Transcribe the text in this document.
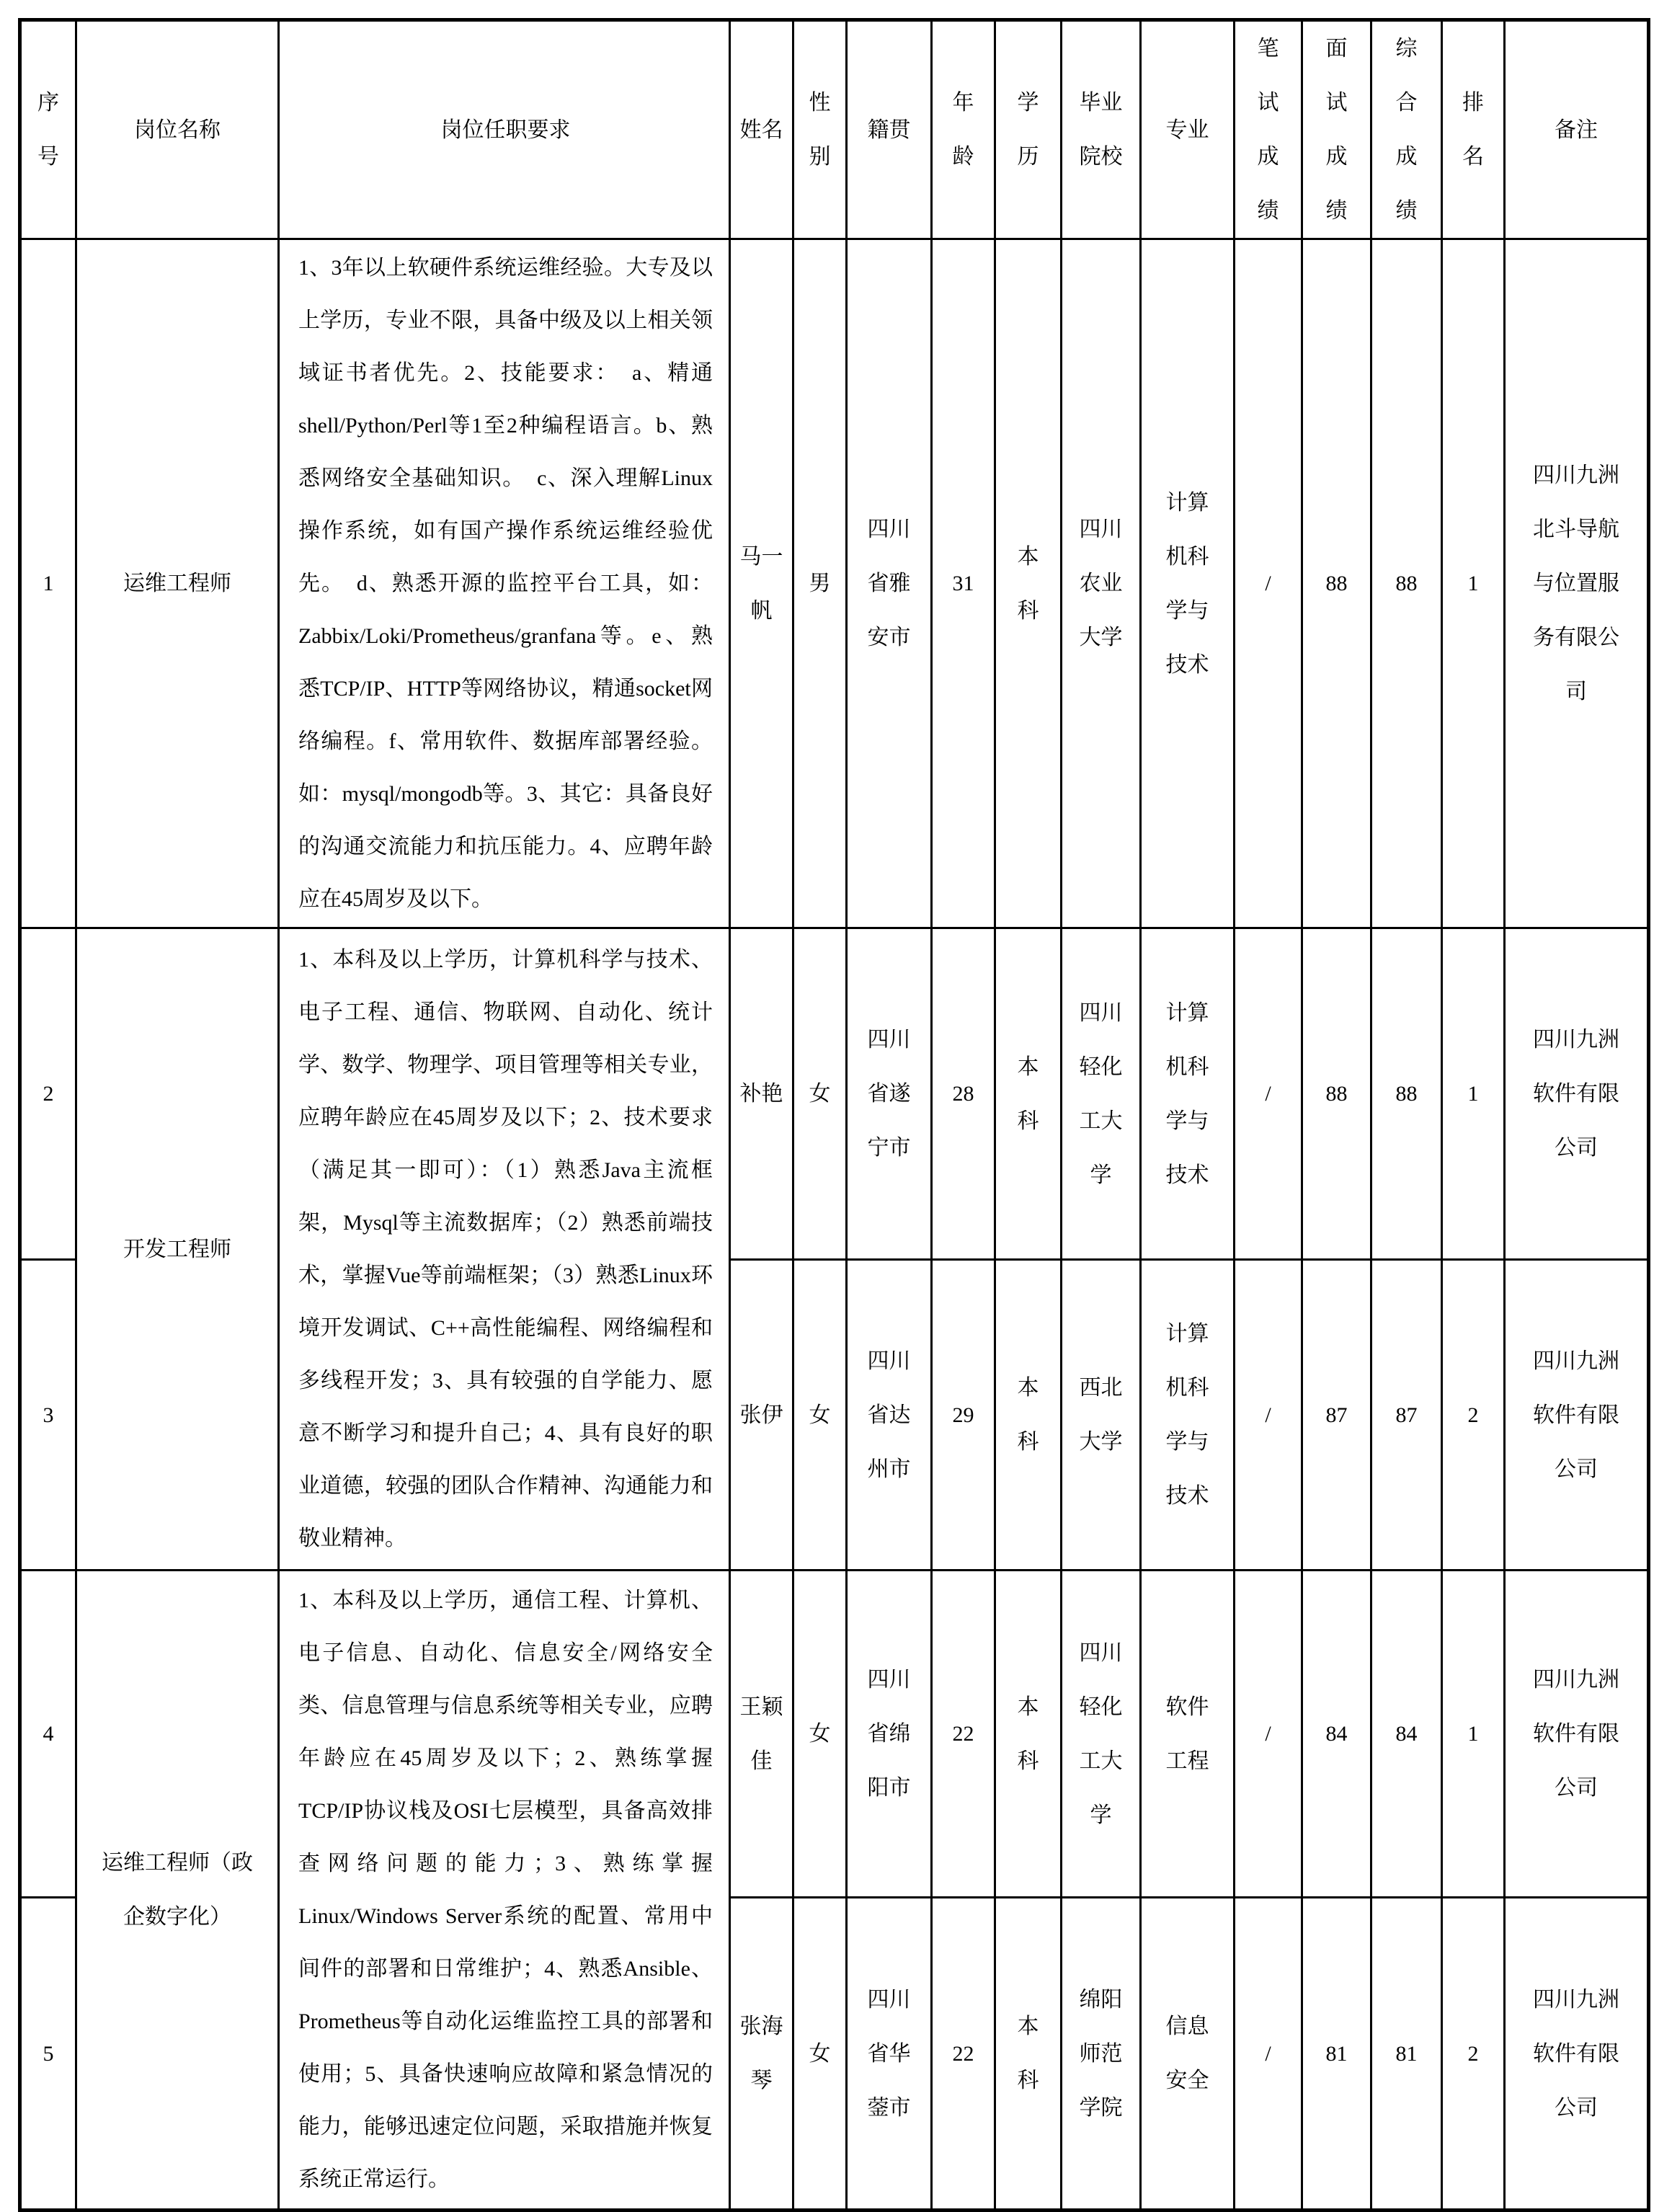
序号	岗位名称	岗位任职要求	姓名	性别	籍贯	年龄	学历	毕业院校	专业	笔试成绩	面试成绩	综合成绩	排名	备注
1	运维工程师	1、3年以上软硬件系统运维经验。大专及以上学历，专业不限，具备中级及以上相关领域证书者优先。2、技能要求：　a、精通shell/Python/Perl等1至2种编程语言。b、熟悉网络安全基础知识。　c、深入理解Linux操作系统，如有国产操作系统运维经验优先。　d、熟悉开源的监控平台工具，如：Zabbix/Loki/Prometheus/granfana等。e、熟悉TCP/IP、HTTP等网络协议，精通socket网络编程。f、常用软件、数据库部署经验。如：mysql/mongodb等。3、其它：具备良好的沟通交流能力和抗压能力。4、应聘年龄应在45周岁及以下。	马一帆	男	四川省雅安市	31	本科	四川农业大学	计算机科学与技术	/	88	88	1	四川九洲北斗导航与位置服务有限公司
2	开发工程师	1、本科及以上学历，计算机科学与技术、电子工程、通信、物联网、自动化、统计学、数学、物理学、项目管理等相关专业，应聘年龄应在45周岁及以下；2、技术要求（满足其一即可）：（1）熟悉Java主流框架，Mysql等主流数据库；（2）熟悉前端技术，掌握Vue等前端框架；（3）熟悉Linux环境开发调试、C++高性能编程、网络编程和多线程开发；3、具有较强的自学能力、愿意不断学习和提升自己；4、具有良好的职业道德，较强的团队合作精神、沟通能力和敬业精神。	补艳	女	四川省遂宁市	28	本科	四川轻化工大学	计算机科学与技术	/	88	88	1	四川九洲软件有限公司
3			张伊	女	四川省达州市	29	本科	西北大学	计算机科学与技术	/	87	87	2	四川九洲软件有限公司
4	运维工程师（政企数字化）	1、本科及以上学历，通信工程、计算机、电子信息、自动化、信息安全/网络安全类、信息管理与信息系统等相关专业，应聘年龄应在45周岁及以下；2、熟练掌握TCP/IP协议栈及OSI七层模型，具备高效排查网络问题的能力；3、熟练掌握Linux/Windows Server系统的配置、常用中间件的部署和日常维护；4、熟悉Ansible、Prometheus等自动化运维监控工具的部署和使用；5、具备快速响应故障和紧急情况的能力，能够迅速定位问题，采取措施并恢复系统正常运行。	王颖佳	女	四川省绵阳市	22	本科	四川轻化工大学	软件工程	/	84	84	1	四川九洲软件有限公司
5			张海琴	女	四川省华蓥市	22	本科	绵阳师范学院	信息安全	/	81	81	2	四川九洲软件有限公司
